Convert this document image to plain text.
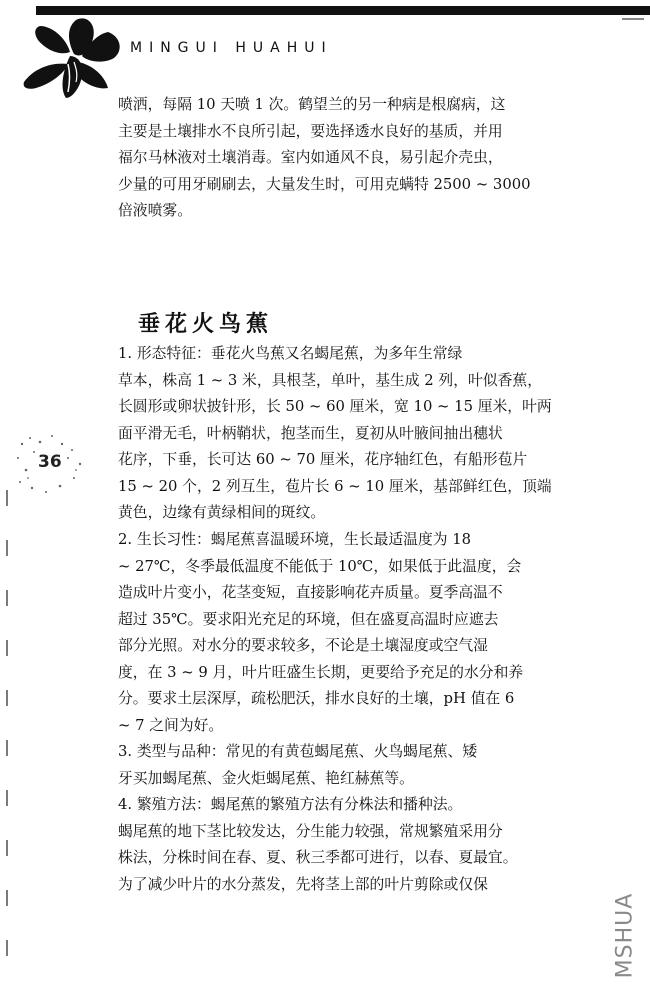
MINGUI HUAHUI
喷洒，每隔 10 天喷 1 次。鹤望兰的另一种病是根腐病，这
主要是土壤排水不良所引起，要选择透水良好的基质，并用
福尔马林液对土壤消毒。室内如通风不良，易引起介壳虫，
少量的可用牙刷刷去，大量发生时，可用克螨特 2500 ~ 3000
倍液喷雾。
垂花火鸟蕉
1. 形态特征：垂花火鸟蕉又名蝎尾蕉，为多年生常绿
草本，株高 1 ~ 3 米，具根茎，单叶，基生成 2 列，叶似香蕉，
长圆形或卵状披针形，长 50 ~ 60 厘米，宽 10 ~ 15 厘米，叶两
面平滑无毛，叶柄鞘状，抱茎而生，夏初从叶腋间抽出穗状
花序，下垂，长可达 60 ~ 70 厘米，花序轴红色，有船形苞片
15 ~ 20 个，2 列互生，苞片长 6 ~ 10 厘米，基部鲜红色，顶端
黄色，边缘有黄绿相间的斑纹。
2. 生长习性：蝎尾蕉喜温暖环境，生长最适温度为 18
~ 27℃，冬季最低温度不能低于 10℃，如果低于此温度，会
造成叶片变小，花茎变短，直接影响花卉质量。夏季高温不
超过 35℃。要求阳光充足的环境，但在盛夏高温时应遮去
部分光照。对水分的要求较多，不论是土壤湿度或空气湿
度，在 3 ~ 9 月，叶片旺盛生长期，更要给予充足的水分和养
分。要求土层深厚，疏松肥沃，排水良好的土壤，pH 值在 6
~ 7 之间为好。
3. 类型与品种：常见的有黄苞蝎尾蕉、火鸟蝎尾蕉、矮
牙买加蝎尾蕉、金火炬蝎尾蕉、艳红赫蕉等。
4. 繁殖方法：蝎尾蕉的繁殖方法有分株法和播种法。
蝎尾蕉的地下茎比较发达，分生能力较强，常规繁殖采用分
株法，分株时间在春、夏、秋三季都可进行，以春、夏最宜。
为了减少叶片的水分蒸发，先将茎上部的叶片剪除或仅保
36
MSHUA
